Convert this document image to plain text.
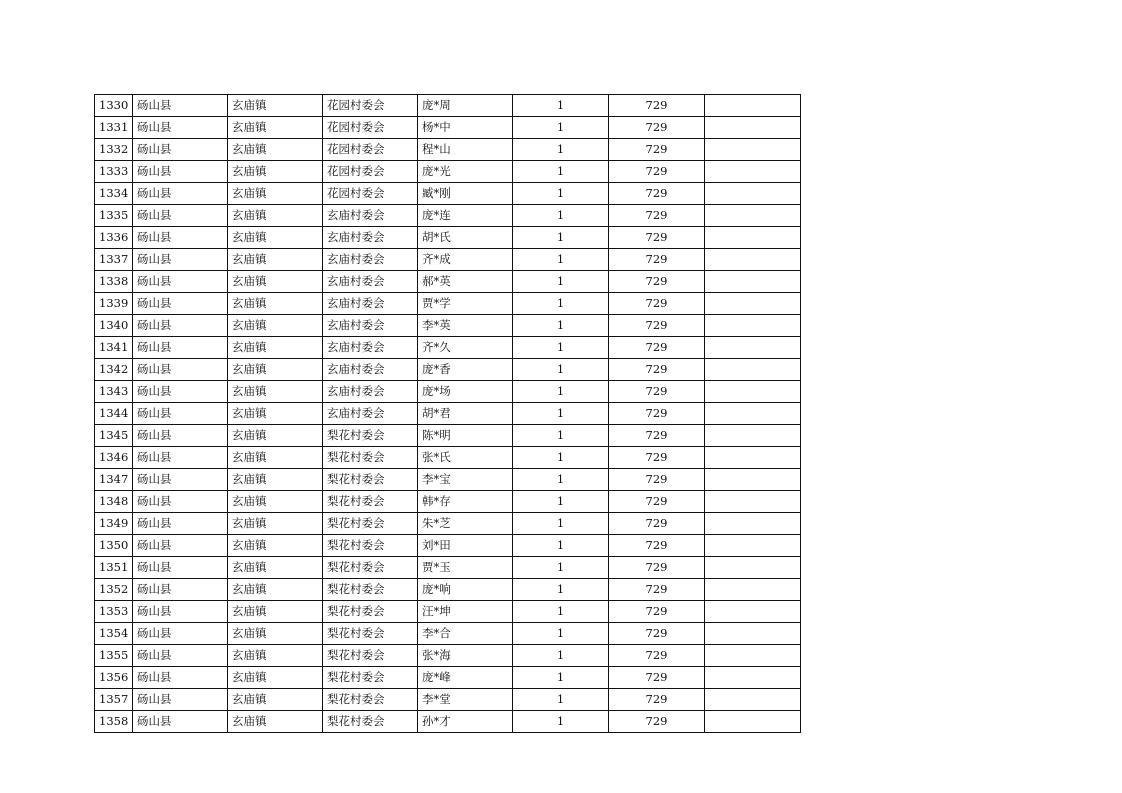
1330	砀山县	玄庙镇	花园村委会	庞*周	1	729	
1331	砀山县	玄庙镇	花园村委会	杨*中	1	729	
1332	砀山县	玄庙镇	花园村委会	程*山	1	729	
1333	砀山县	玄庙镇	花园村委会	庞*光	1	729	
1334	砀山县	玄庙镇	花园村委会	臧*刚	1	729	
1335	砀山县	玄庙镇	玄庙村委会	庞*连	1	729	
1336	砀山县	玄庙镇	玄庙村委会	胡*氏	1	729	
1337	砀山县	玄庙镇	玄庙村委会	齐*成	1	729	
1338	砀山县	玄庙镇	玄庙村委会	郝*英	1	729	
1339	砀山县	玄庙镇	玄庙村委会	贾*学	1	729	
1340	砀山县	玄庙镇	玄庙村委会	李*英	1	729	
1341	砀山县	玄庙镇	玄庙村委会	齐*久	1	729	
1342	砀山县	玄庙镇	玄庙村委会	庞*香	1	729	
1343	砀山县	玄庙镇	玄庙村委会	庞*场	1	729	
1344	砀山县	玄庙镇	玄庙村委会	胡*君	1	729	
1345	砀山县	玄庙镇	梨花村委会	陈*明	1	729	
1346	砀山县	玄庙镇	梨花村委会	张*氏	1	729	
1347	砀山县	玄庙镇	梨花村委会	李*宝	1	729	
1348	砀山县	玄庙镇	梨花村委会	韩*存	1	729	
1349	砀山县	玄庙镇	梨花村委会	朱*芝	1	729	
1350	砀山县	玄庙镇	梨花村委会	刘*田	1	729	
1351	砀山县	玄庙镇	梨花村委会	贾*玉	1	729	
1352	砀山县	玄庙镇	梨花村委会	庞*响	1	729	
1353	砀山县	玄庙镇	梨花村委会	汪*坤	1	729	
1354	砀山县	玄庙镇	梨花村委会	李*合	1	729	
1355	砀山县	玄庙镇	梨花村委会	张*海	1	729	
1356	砀山县	玄庙镇	梨花村委会	庞*峰	1	729	
1357	砀山县	玄庙镇	梨花村委会	李*堂	1	729	
1358	砀山县	玄庙镇	梨花村委会	孙*才	1	729	
